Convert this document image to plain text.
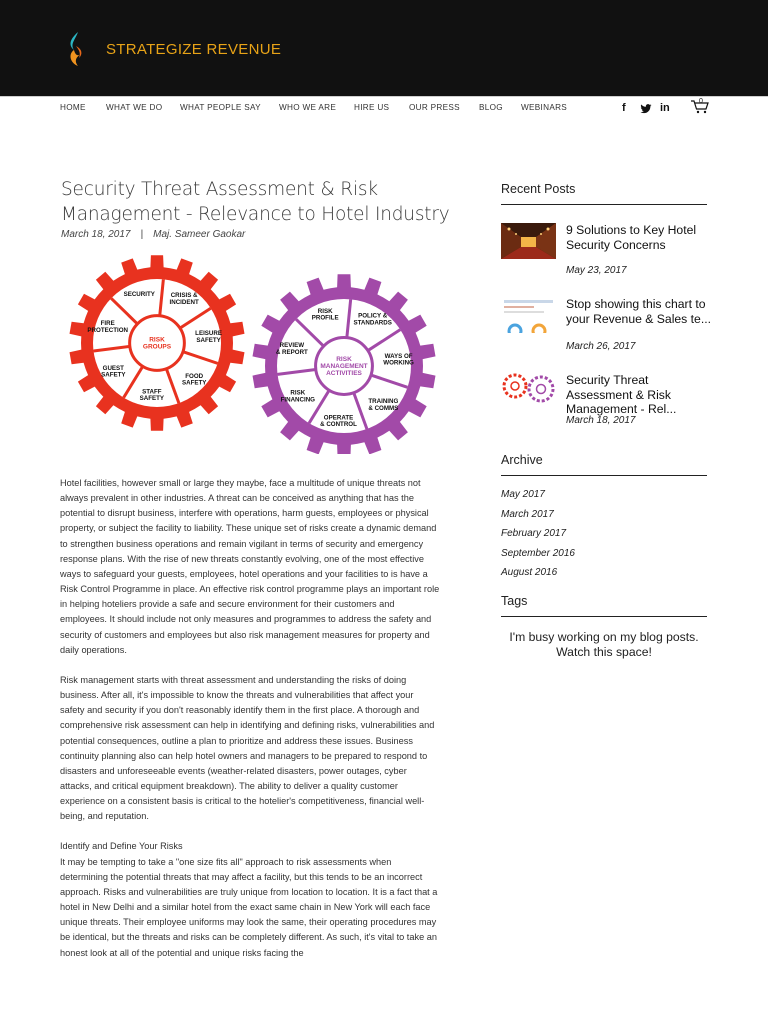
STRATEGIZE REVENUE
HOME WHAT WE DO WHAT PEOPLE SAY WHO WE ARE HIRE US OUR PRESS BLOG WEBINARS	f	in
0
Security Threat Assessment & Risk Management - Relevance to Hotel Industry
March 18, 2017 | Maj. Sameer Gaokar
SECURITY	CRISIS & INCIDENT
LEISURE SAFETY
FOOD SAFETY
STAFF SAFETY
GUEST SAFETY
FIRE PROTECTION
RISK GROUPS
RISK PROFILE	POLICY & STANDARDS
WAYS OF WORKING
TRAINING & COMMS
OPERATE & CONTROL
RISK FINANCING
REVIEW & REPORT
RISK MANAGEMENT ACTIVITIES

Hotel facilities, however small or large they maybe, face a multitude of unique threats not always prevalent in other industries. A threat can be conceived as anything that has the potential to disrupt business, interfere with operations, harm guests, employees or physical property, or subject the facility to liability. These unique set of risks create a dynamic demand to strengthen business operations and remain vigilant in terms of security and emergency response plans. With the rise of new threats constantly evolving, one of the most effective ways to safeguard your guests, employees, hotel operations and your facilities to is have a Risk Control Programme in place. An effective risk control programme plays an important role in helping hoteliers provide a safe and secure environment for their customers and employees. It should include not only measures and programmes to address the safety and security of customers and employees but also risk management measures for property and daily operations.

Risk management starts with threat assessment and understanding the risks of doing business. After all, it's impossible to know the threats and vulnerabilities that affect your safety and security if you don't reasonably identify them in the first place. A thorough and comprehensive risk assessment can help in identifying and defining risks, vulnerabilities and potential consequences, outline a plan to prioritize and address these issues. Business continuity planning also can help hotel owners and managers to be prepared to respond to disasters and unforeseeable events (weather-related disasters, power outages, cyber attacks, and critical equipment breakdown). The ability to deliver a quality customer experience on a consistent basis is critical to the hotelier's competitiveness, financial well-being, and reputation.

Identify and Define Your Risks

It may be tempting to take a "one size fits all" approach to risk assessments when determining the potential threats that may affect a facility, but this tends to be an incorrect approach. Risks and vulnerabilities are truly unique from location to location. It is a fact that a hotel in New Delhi and a similar hotel from the exact same chain in New York will each face unique threats. Their employee uniforms may look the same, their operating procedures may be identical, but the threats and risks can be completely different. As such, it's vital to take an honest look at all of the potential and unique risks facing the

Recent Posts
9 Solutions to Key Hotel Security Concerns
May 23, 2017
Stop showing this chart to your Revenue & Sales te...
March 26, 2017
Security Threat Assessment & Risk Management - Rel...
March 18, 2017
Archive
May 2017
March 2017
February 2017
September 2016
August 2016
Tags
I'm busy working on my blog posts. Watch this space!
